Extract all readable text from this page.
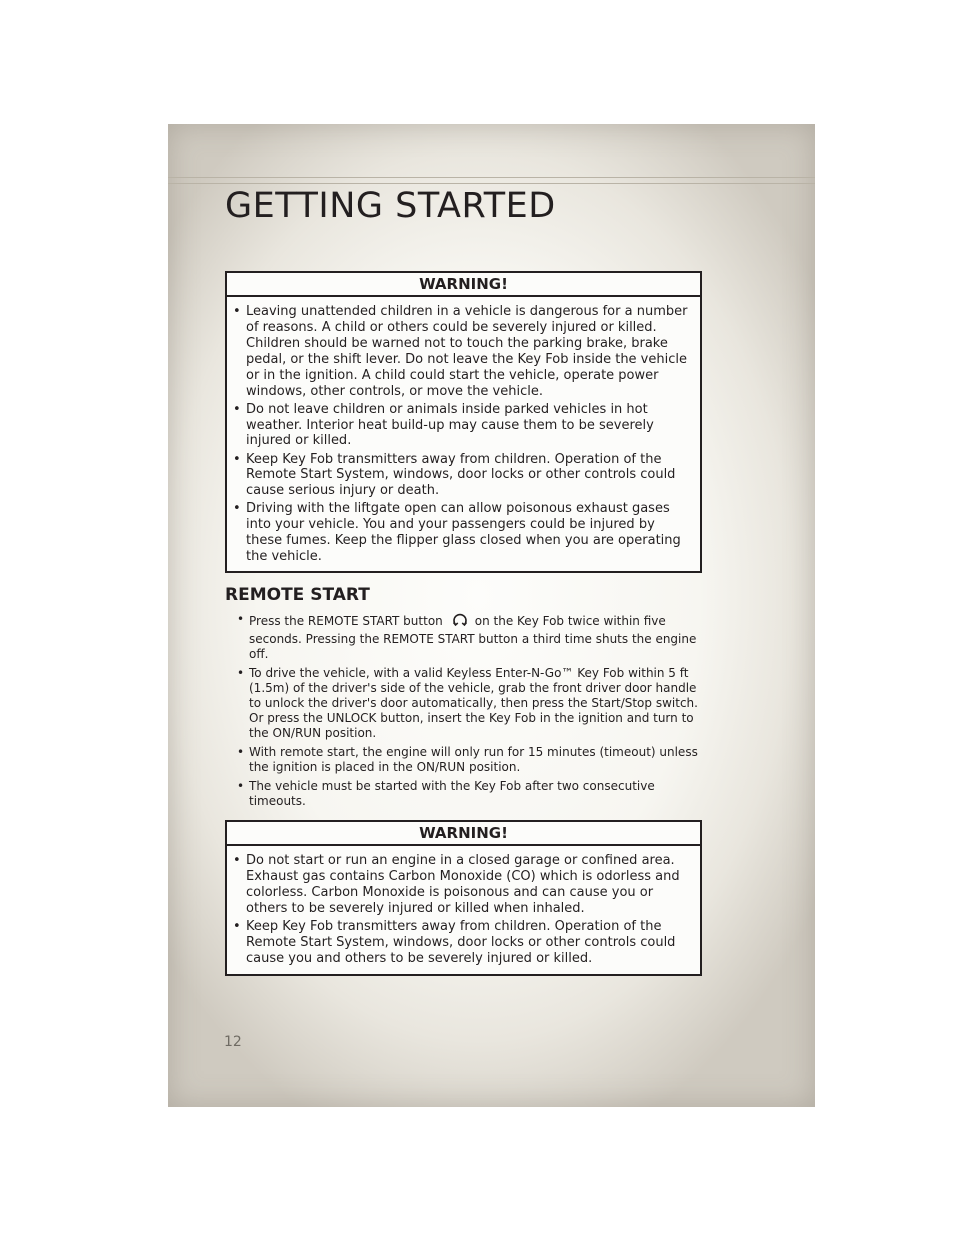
GETTING STARTED
WARNING!
• Leaving unattended children in a vehicle is dangerous for a number of reasons. A child or others could be severely injured or killed. Children should be warned not to touch the parking brake, brake pedal, or the shift lever. Do not leave the Key Fob inside the vehicle or in the ignition. A child could start the vehicle, operate power windows, other controls, or move the vehicle.
• Do not leave children or animals inside parked vehicles in hot weather. Interior heat build-up may cause them to be severely injured or killed.
• Keep Key Fob transmitters away from children. Operation of the Remote Start System, windows, door locks or other controls could cause serious injury or death.
• Driving with the liftgate open can allow poisonous exhaust gases into your vehicle. You and your passengers could be injured by these fumes. Keep the flipper glass closed when you are operating the vehicle.
REMOTE START
• Press the REMOTE START button	on the Key Fob twice within five seconds. Pressing the REMOTE START button a third time shuts the engine off.
• To drive the vehicle, with a valid Keyless Enter-N-Go™ Key Fob within 5 ft (1.5m) of the driver's side of the vehicle, grab the front driver door handle to unlock the driver's door automatically, then press the Start/Stop switch. Or press the UNLOCK button, insert the Key Fob in the ignition and turn to the ON/RUN position.
• With remote start, the engine will only run for 15 minutes (timeout) unless the ignition is placed in the ON/RUN position.
• The vehicle must be started with the Key Fob after two consecutive timeouts.
WARNING!
• Do not start or run an engine in a closed garage or confined area. Exhaust gas contains Carbon Monoxide (CO) which is odorless and colorless. Carbon Monoxide is poisonous and can cause you or others to be severely injured or killed when inhaled.
• Keep Key Fob transmitters away from children. Operation of the Remote Start System, windows, door locks or other controls could cause you and others to be severely injured or killed.
12
